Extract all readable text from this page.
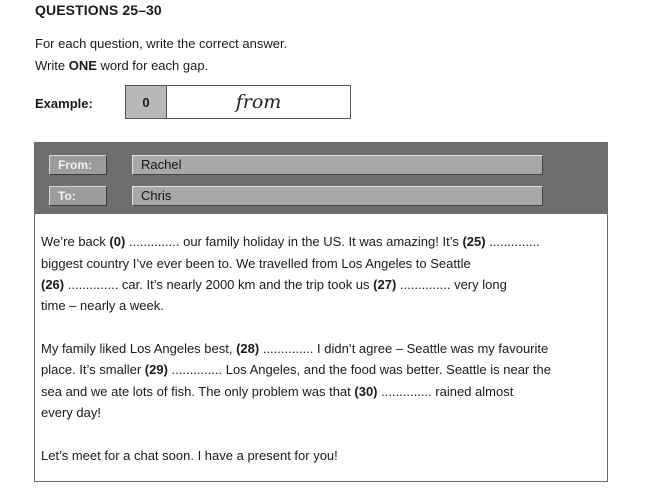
QUESTIONS 25–30
For each question, write the correct answer.
Write ONE word for each gap.
Example:	0	from
From:	Rachel
To:	Chris
We’re back (0) .............. our family holiday in the US. It was amazing! It’s (25) ..............
biggest country I’ve ever been to. We travelled from Los Angeles to Seattle
(26) .............. car. It’s nearly 2000 km and the trip took us (27) .............. very long
time – nearly a week.
My family liked Los Angeles best, (28) .............. I didn’t agree – Seattle was my favourite
place. It’s smaller (29) .............. Los Angeles, and the food was better. Seattle is near the
sea and we ate lots of fish. The only problem was that (30) .............. rained almost
every day!
Let’s meet for a chat soon. I have a present for you!
